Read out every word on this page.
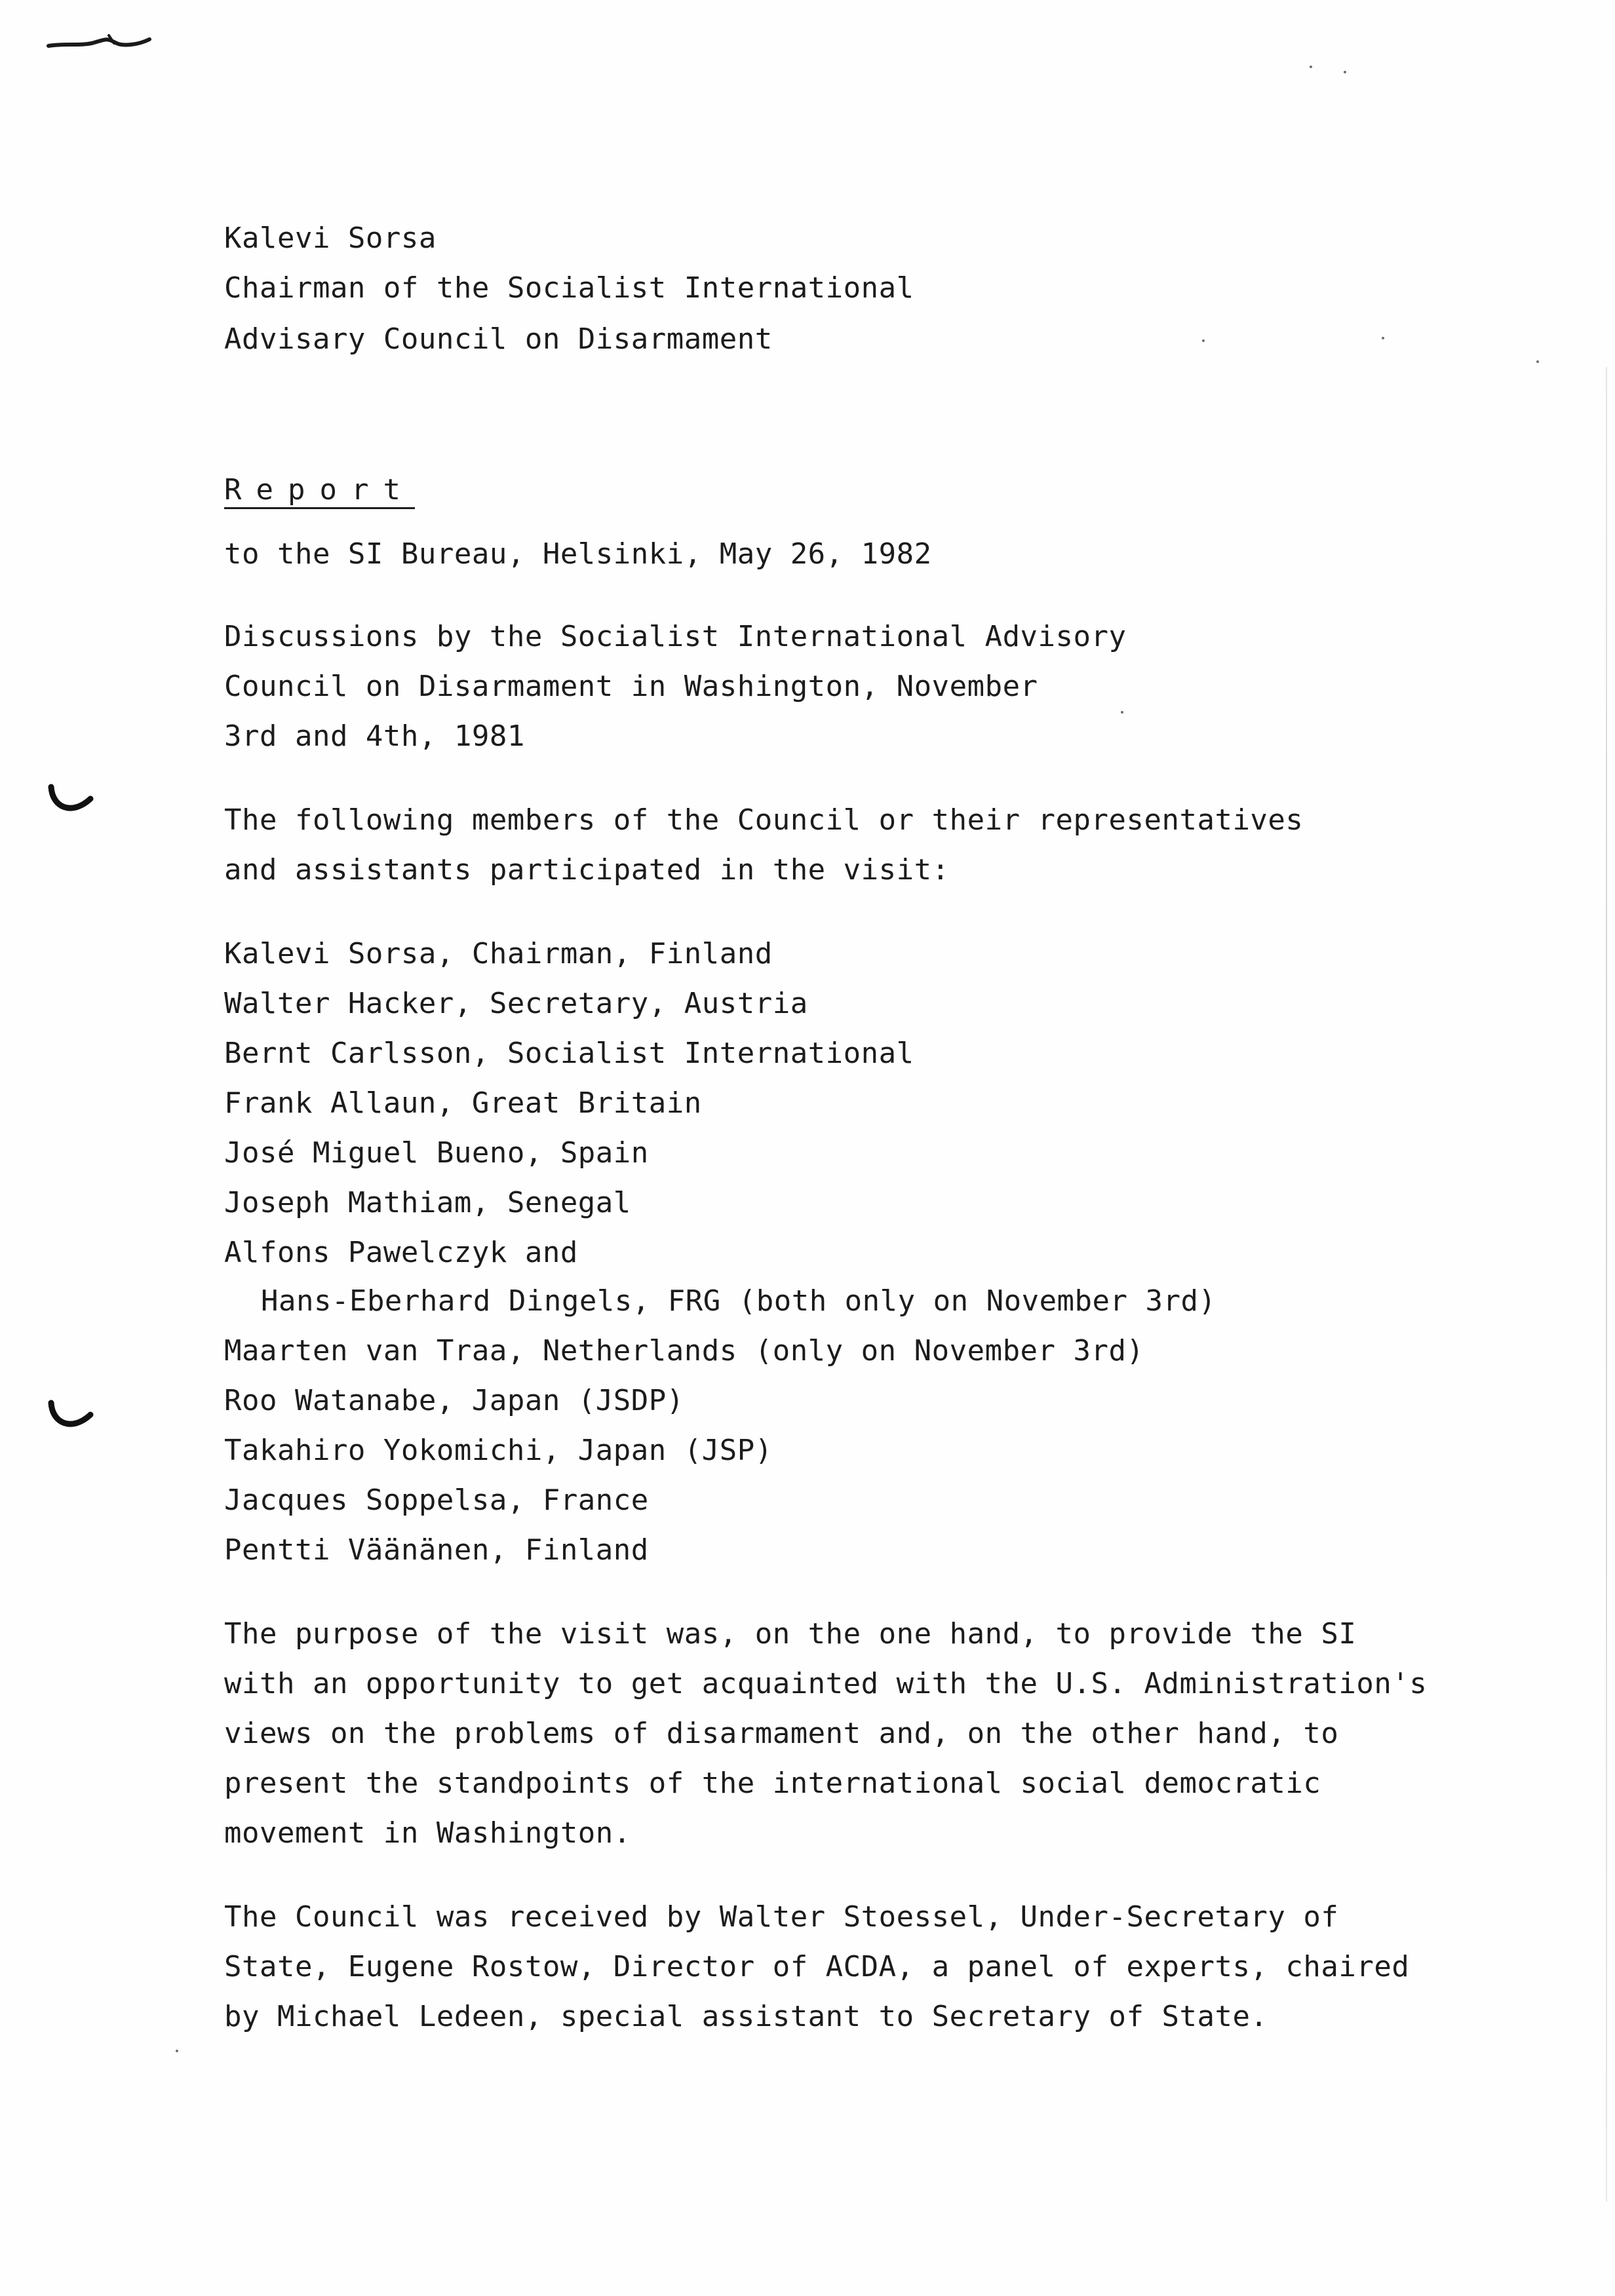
Kalevi Sorsa
Chairman of the Socialist International
Advisary Council on Disarmament
Report
to the SI Bureau, Helsinki, May 26, 1982
Discussions by the Socialist International Advisory
Council on Disarmament in Washington, November
3rd and 4th, 1981
The following members of the Council or their representatives
and assistants participated in the visit:
Kalevi Sorsa, Chairman, Finland
Walter Hacker, Secretary, Austria
Bernt Carlsson, Socialist International
Frank Allaun, Great Britain
José Miguel Bueno, Spain
Joseph Mathiam, Senegal
Alfons Pawelczyk and
Hans-Eberhard Dingels, FRG (both only on November 3rd)
Maarten van Traa, Netherlands (only on November 3rd)
Roo Watanabe, Japan (JSDP)
Takahiro Yokomichi, Japan (JSP)
Jacques Soppelsa, France
Pentti Väänänen, Finland
The purpose of the visit was, on the one hand, to provide the SI
with an opportunity to get acquainted with the U.S. Administration's
views on the problems of disarmament and, on the other hand, to
present the standpoints of the international social democratic
movement in Washington.
The Council was received by Walter Stoessel, Under-Secretary of
State, Eugene Rostow, Director of ACDA, a panel of experts, chaired
by Michael Ledeen, special assistant to Secretary of State.
